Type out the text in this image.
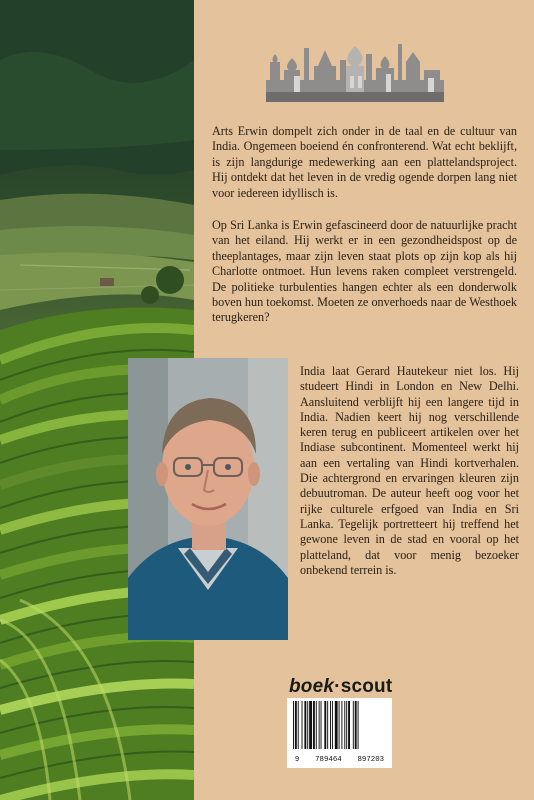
Arts Erwin dompelt zich onder in de taal en de cultuur van India. Ongemeen boeiend én confronterend. Wat echt beklijft, is zijn langdurige medewerking aan een plattelandsproject. Hij ontdekt dat het leven in de vredig ogende dorpen lang niet voor iedereen idyllisch is.

Op Sri Lanka is Erwin gefascineerd door de natuurlijke pracht van het eiland. Hij werkt er in een gezondheidspost op de theeplantages, maar zijn leven staat plots op zijn kop als hij Charlotte ontmoet. Hun levens raken compleet verstrengeld. De politieke turbulenties hangen echter als een donderwolk boven hun toekomst. Moeten ze onverhoeds naar de Westhoek terugkeren?

India laat Gerard Hautekeur niet los. Hij studeert Hindi in London en New Delhi. Aansluitend verblijft hij een langere tijd in India. Nadien keert hij nog verschillende keren terug en publiceert artikelen over het Indiase subcontinent. Momenteel werkt hij aan een vertaling van Hindi kortverhalen. Die achtergrond en ervaringen kleuren zijn debuutroman. De auteur heeft oog voor het rijke culturele erfgoed van India en Sri Lanka. Tegelijk portretteert hij treffend het gewone leven in de stad en vooral op het platteland, dat voor menig bezoeker onbekend terrein is.

boek·scout
9 789464 897203
